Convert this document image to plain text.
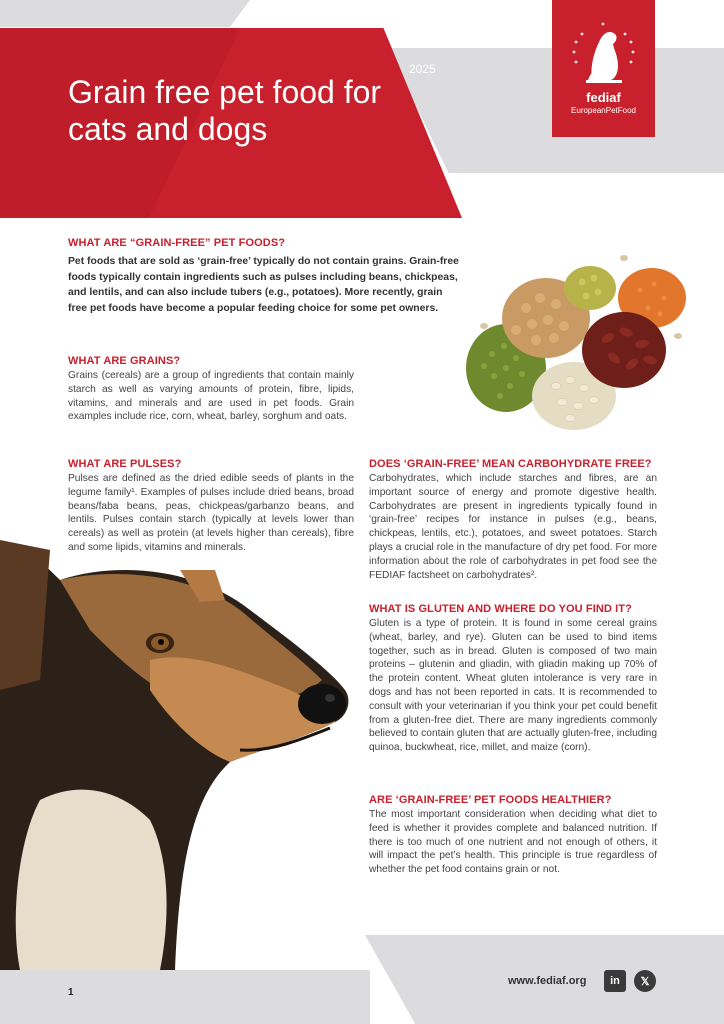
Grain free pet food for cats and dogs
2025
fediaf
EuropeanPetFood
WHAT ARE “GRAIN-FREE” PET FOODS?

Pet foods that are sold as ‘grain-free’ typically do not contain grains. Grain-free foods typically contain ingredients such as pulses including beans, chickpeas, and lentils, and can also include tubers (e.g., potatoes). More recently, grain free pet foods have become a popular feeding choice for some pet owners.

WHAT ARE GRAINS?

Grains (cereals) are a group of ingredients that contain mainly starch as well as varying amounts of protein, fibre, lipids, vitamins, and minerals and are used in pet foods. Grain examples include rice, corn, wheat, barley, sorghum and oats.

WHAT ARE PULSES?

Pulses are defined as the dried edible seeds of plants in the legume family¹. Examples of pulses include dried beans, broad beans/faba beans, peas, chickpeas/garbanzo beans, and lentils. Pulses contain starch (typically at levels lower than cereals) as well as protein (at levels higher than cereals), fibre and some lipids, vitamins and minerals.

DOES ‘GRAIN-FREE’ MEAN CARBOHYDRATE FREE?

Carbohydrates, which include starches and fibres, are an important source of energy and promote digestive health. Carbohydrates are present in ingredients typically found in ‘grain-free’ recipes for instance in pulses (e.g., beans, chickpeas, lentils, etc.), potatoes, and sweet potatoes. Starch plays a crucial role in the manufacture of dry pet food. For more information about the role of carbohydrates in pet food see the FEDIAF factsheet on carbohydrates².

WHAT IS GLUTEN AND WHERE DO YOU FIND IT?

Gluten is a type of protein. It is found in some cereal grains (wheat, barley, and rye). Gluten can be used to bind items together, such as in bread. Gluten is composed of two main proteins – glutenin and gliadin, with gliadin making up 70% of the protein content. Wheat gluten intolerance is very rare in dogs and has not been reported in cats. It is recommended to consult with your veterinarian if you think your pet could benefit from a gluten-free diet. There are many ingredients commonly believed to contain gluten that are actually gluten-free, including quinoa, buckwheat, rice, millet, and maize (corn).

ARE ‘GRAIN-FREE’ PET FOODS HEALTHIER?

The most important consideration when deciding what diet to feed is whether it provides complete and balanced nutrition. If there is too much of one nutrient and not enough of others, it will impact the pet’s health. This principle is true regardless of whether the pet food contains grain or not.

1
www.fediaf.org	in	𝕏
